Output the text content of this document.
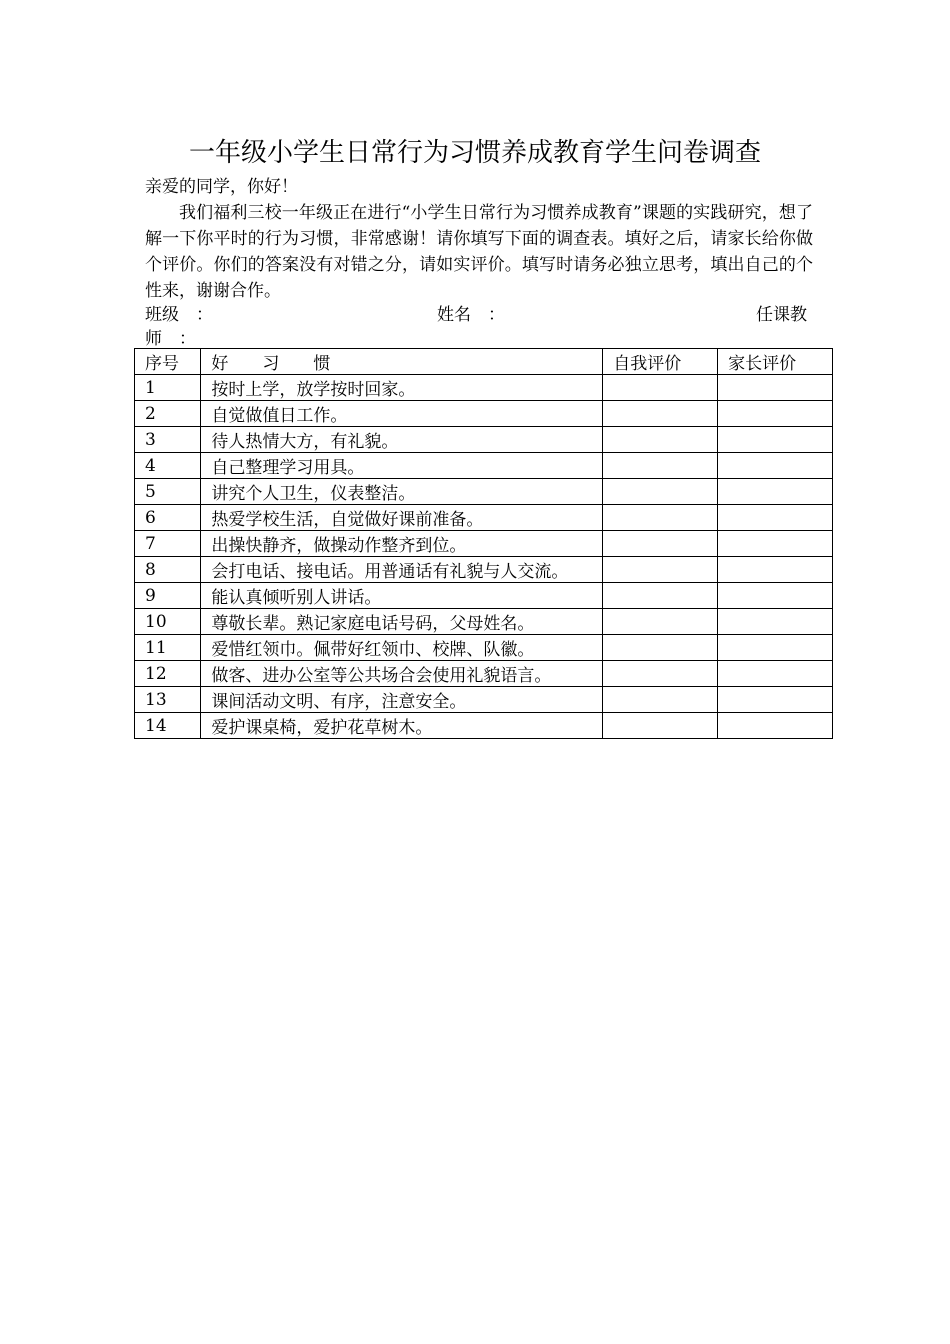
一年级小学生日常行为习惯养成教育学生问卷调查
亲爱的同学，你好！
我们福利三校一年级正在进行“小学生日常行为习惯养成教育”课题的实践研究，想了解一下你平时的行为习惯，非常感谢！请你填写下面的调查表。填好之后，请家长给你做个评价。你们的答案没有对错之分，请如实评价。填写时请务必独立思考，填出自己的个性来，谢谢合作。
班级　：	姓名　：	任课教
师　：
序号	好　　习　　惯	自我评价	家长评价
1	按时上学，放学按时回家。		
2	自觉做值日工作。		
3	待人热情大方，有礼貌。		
4	自己整理学习用具。		
5	讲究个人卫生，仪表整洁。		
6	热爱学校生活，自觉做好课前准备。		
7	出操快静齐，做操动作整齐到位。		
8	会打电话、接电话。用普通话有礼貌与人交流。		
9	能认真倾听别人讲话。		
10	尊敬长辈。熟记家庭电话号码，父母姓名。		
11	爱惜红领巾。佩带好红领巾、校牌、队徽。		
12	做客、进办公室等公共场合会使用礼貌语言。		
13	课间活动文明、有序，注意安全。		
14	爱护课桌椅，爱护花草树木。		
